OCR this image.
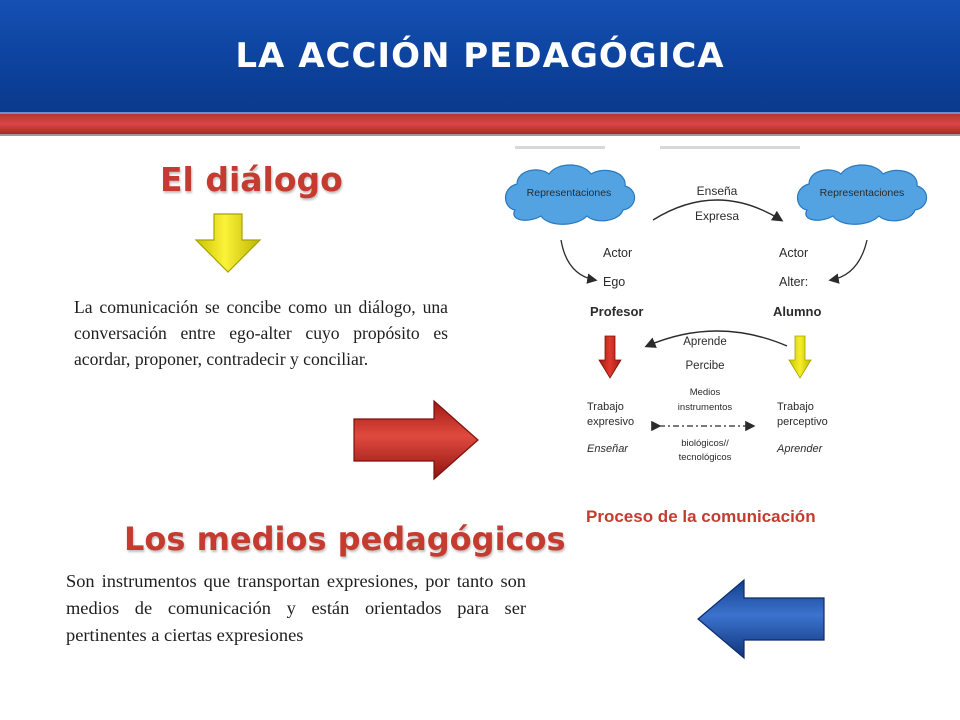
LA ACCIÓN PEDAGÓGICA
El diálogo
La comunicación se concibe como un diálogo, una conversación entre ego-alter cuyo propósito es acordar, proponer, contradecir y conciliar.
Los medios pedagógicos
Son instrumentos que transportan expresiones, por tanto son medios de comunicación y están orientados para ser pertinentes a ciertas expresiones
Representaciones	Representaciones
Enseña
Expresa
Actor
Ego
Profesor
Actor
Alter:
Alumno
Aprende
Percibe
Trabajo
expresivo
Enseñar
Trabajo
perceptivo
Aprender
Medios
instrumentos
biológicos//
tecnológicos
Proceso de la comunicación
